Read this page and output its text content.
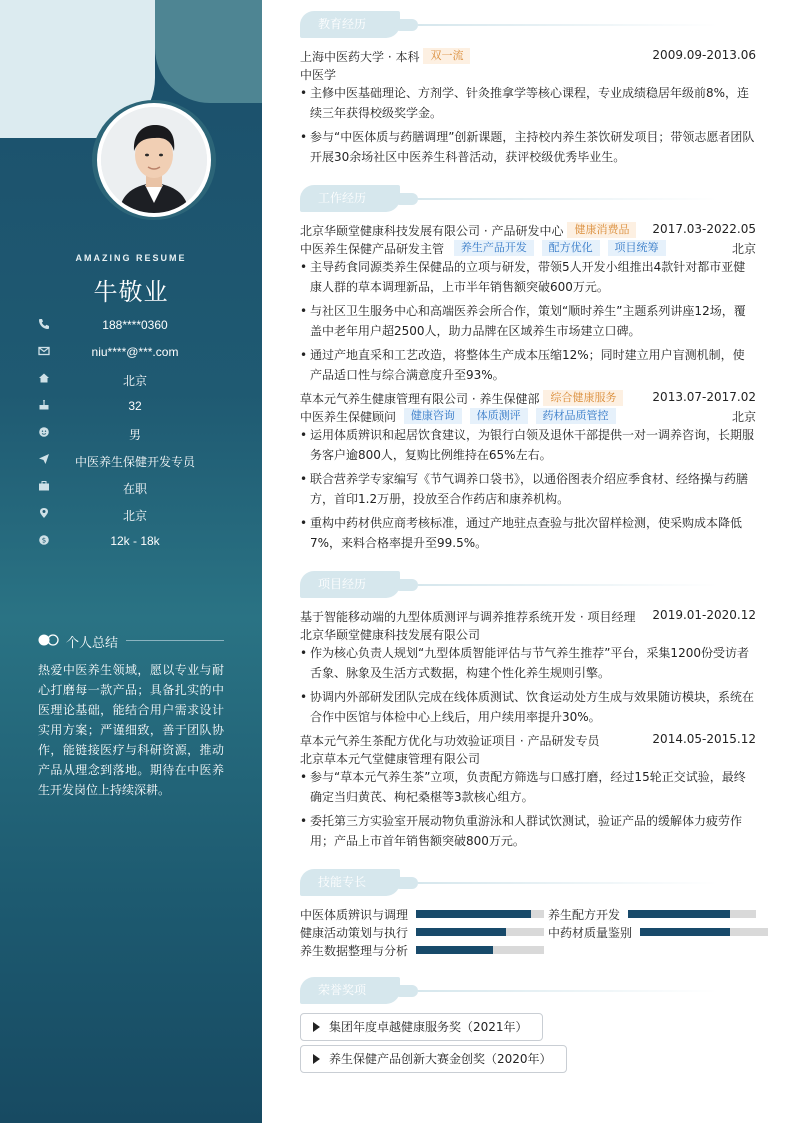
AMAZING RESUME
牛敬业
188****0360
niu****@***.com
北京
32
男
中医养生保健开发专员
在职
北京
$	12k - 18k
个人总结
热爱中医养生领域，愿以专业与耐心打磨每一款产品；具备扎实的中医理论基础，能结合用户需求设计实用方案；严谨细致，善于团队协作，能链接医疗与科研资源，推动产品从理念到落地。期待在中医养生开发岗位上持续深耕。
教育经历
上海中医药大学 · 本科 双一流	2009.09-2013.06
中医学
• 主修中医基础理论、方剂学、针灸推拿学等核心课程，专业成绩稳居年级前8%，连续三年获得校级奖学金。
• 参与“中医体质与药膳调理”创新课题，主持校内养生茶饮研发项目；带领志愿者团队开展30余场社区中医养生科普活动，获评校级优秀毕业生。
工作经历
北京华颐堂健康科技发展有限公司 · 产品研发中心 健康消费品 2017.03-2022.05
中医养生保健产品研发主管 养生产品开发 配方优化 项目统筹	北京
• 主导药食同源类养生保健品的立项与研发，带领5人开发小组推出4款针对都市亚健康人群的草本调理新品，上市半年销售额突破600万元。
• 与社区卫生服务中心和高端医养会所合作，策划“顺时养生”主题系列讲座12场，覆盖中老年用户超2500人，助力品牌在区域养生市场建立口碑。
• 通过产地直采和工艺改造，将整体生产成本压缩12%；同时建立用户盲测机制，使产品适口性与综合满意度升至93%。
草本元气养生健康管理有限公司 · 养生保健部 综合健康服务	2013.07-2017.02
中医养生保健顾问 健康咨询 体质测评 药材品质管控	北京
• 运用体质辨识和起居饮食建议，为银行白领及退休干部提供一对一调养咨询，长期服务客户逾800人，复购比例维持在65%左右。
• 联合营养学专家编写《节气调养口袋书》，以通俗图表介绍应季食材、经络操与药膳方，首印1.2万册，投放至合作药店和康养机构。
• 重构中药材供应商考核标准，通过产地驻点查验与批次留样检测，使采购成本降低7%，来料合格率提升至99.5%。
项目经历
基于智能移动端的九型体质测评与调养推荐系统开发 · 项目经理 2019.01-2020.12
北京华颐堂健康科技发展有限公司
• 作为核心负责人规划“九型体质智能评估与节气养生推荐”平台，采集1200份受访者舌象、脉象及生活方式数据，构建个性化养生规则引擎。
• 协调内外部研发团队完成在线体质测试、饮食运动处方生成与效果随访模块，系统在合作中医馆与体检中心上线后，用户续用率提升30%。
草本元气养生茶配方优化与功效验证项目 · 产品研发专员	2014.05-2015.12
北京草本元气堂健康管理有限公司
• 参与“草本元气养生茶”立项，负责配方筛选与口感打磨，经过15轮正交试验，最终确定当归黄芪、枸杞桑椹等3款核心组方。
• 委托第三方实验室开展动物负重游泳和人群试饮测试，验证产品的缓解体力疲劳作用；产品上市首年销售额突破800万元。
技能专长
中医体质辨识与调理	养生配方开发
健康活动策划与执行	中药材质量鉴别
养生数据整理与分析
荣誉奖项
集团年度卓越健康服务奖（2021年）
养生保健产品创新大赛金创奖（2020年）
